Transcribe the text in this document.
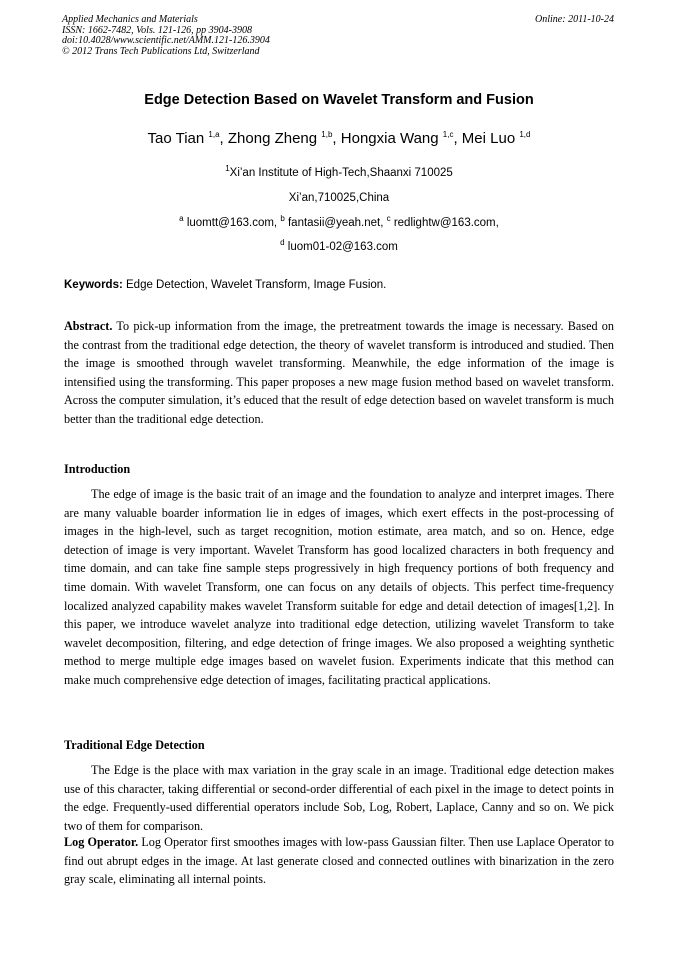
Applied Mechanics and Materials
ISSN: 1662-7482, Vols. 121-126, pp 3904-3908
doi:10.4028/www.scientific.net/AMM.121-126.3904
© 2012 Trans Tech Publications Ltd, Switzerland
Online: 2011-10-24
Edge Detection Based on Wavelet Transform and Fusion
Tao Tian $^{1,a}$, Zhong Zheng $^{1,b}$, Hongxia Wang $^{1,c}$, Mei Luo $^{1,d}$
$^1$Xi’an Institute of High-Tech,Shaanxi 710025
Xi’an,710025,China
$^a$ luomtt@163.com, $^b$ fantasii@yeah.net, $^c$ redlightw@163.com,
$^d$ luom01-02@163.com
Keywords: Edge Detection, Wavelet Transform, Image Fusion.
Abstract. To pick-up information from the image, the pretreatment towards the image is necessary. Based on the contrast from the traditional edge detection, the theory of wavelet transform is introduced and studied. Then the image is smoothed through wavelet transforming. Meanwhile, the edge information of the image is intensified using the transforming. This paper proposes a new mage fusion method based on wavelet transform. Across the computer simulation, it’s educed that the result of edge detection based on wavelet transform is much better than the traditional edge detection.
Introduction
The edge of image is the basic trait of an image and the foundation to analyze and interpret images. There are many valuable boarder information lie in edges of images, which exert effects in the post-processing of images in the high-level, such as target recognition, motion estimate, area match, and so on. Hence, edge detection of image is very important. Wavelet Transform has good localized characters in both frequency and time domain, and can take fine sample steps progressively in high frequency portions of both frequency and time domain. With wavelet Transform, one can focus on any details of objects. This perfect time-frequency localized analyzed capability makes wavelet Transform suitable for edge and detail detection of images[1,2]. In this paper, we introduce wavelet analyze into traditional edge detection, utilizing wavelet Transform to take wavelet decomposition, filtering, and edge detection of fringe images. We also proposed a weighting synthetic method to merge multiple edge images based on wavelet fusion. Experiments indicate that this method can make much comprehensive edge detection of images, facilitating practical applications.
Traditional Edge Detection
The Edge is the place with max variation in the gray scale in an image. Traditional edge detection makes use of this character, taking differential or second-order differential of each pixel in the image to detect points in the edge. Frequently-used differential operators include Sob, Log, Robert, Laplace, Canny and so on. We pick two of them for comparison.
Log Operator. Log Operator first smoothes images with low-pass Gaussian filter. Then use Laplace Operator to find out abrupt edges in the image. At last generate closed and connected outlines with binarization in the zero gray scale, eliminating all internal points.
